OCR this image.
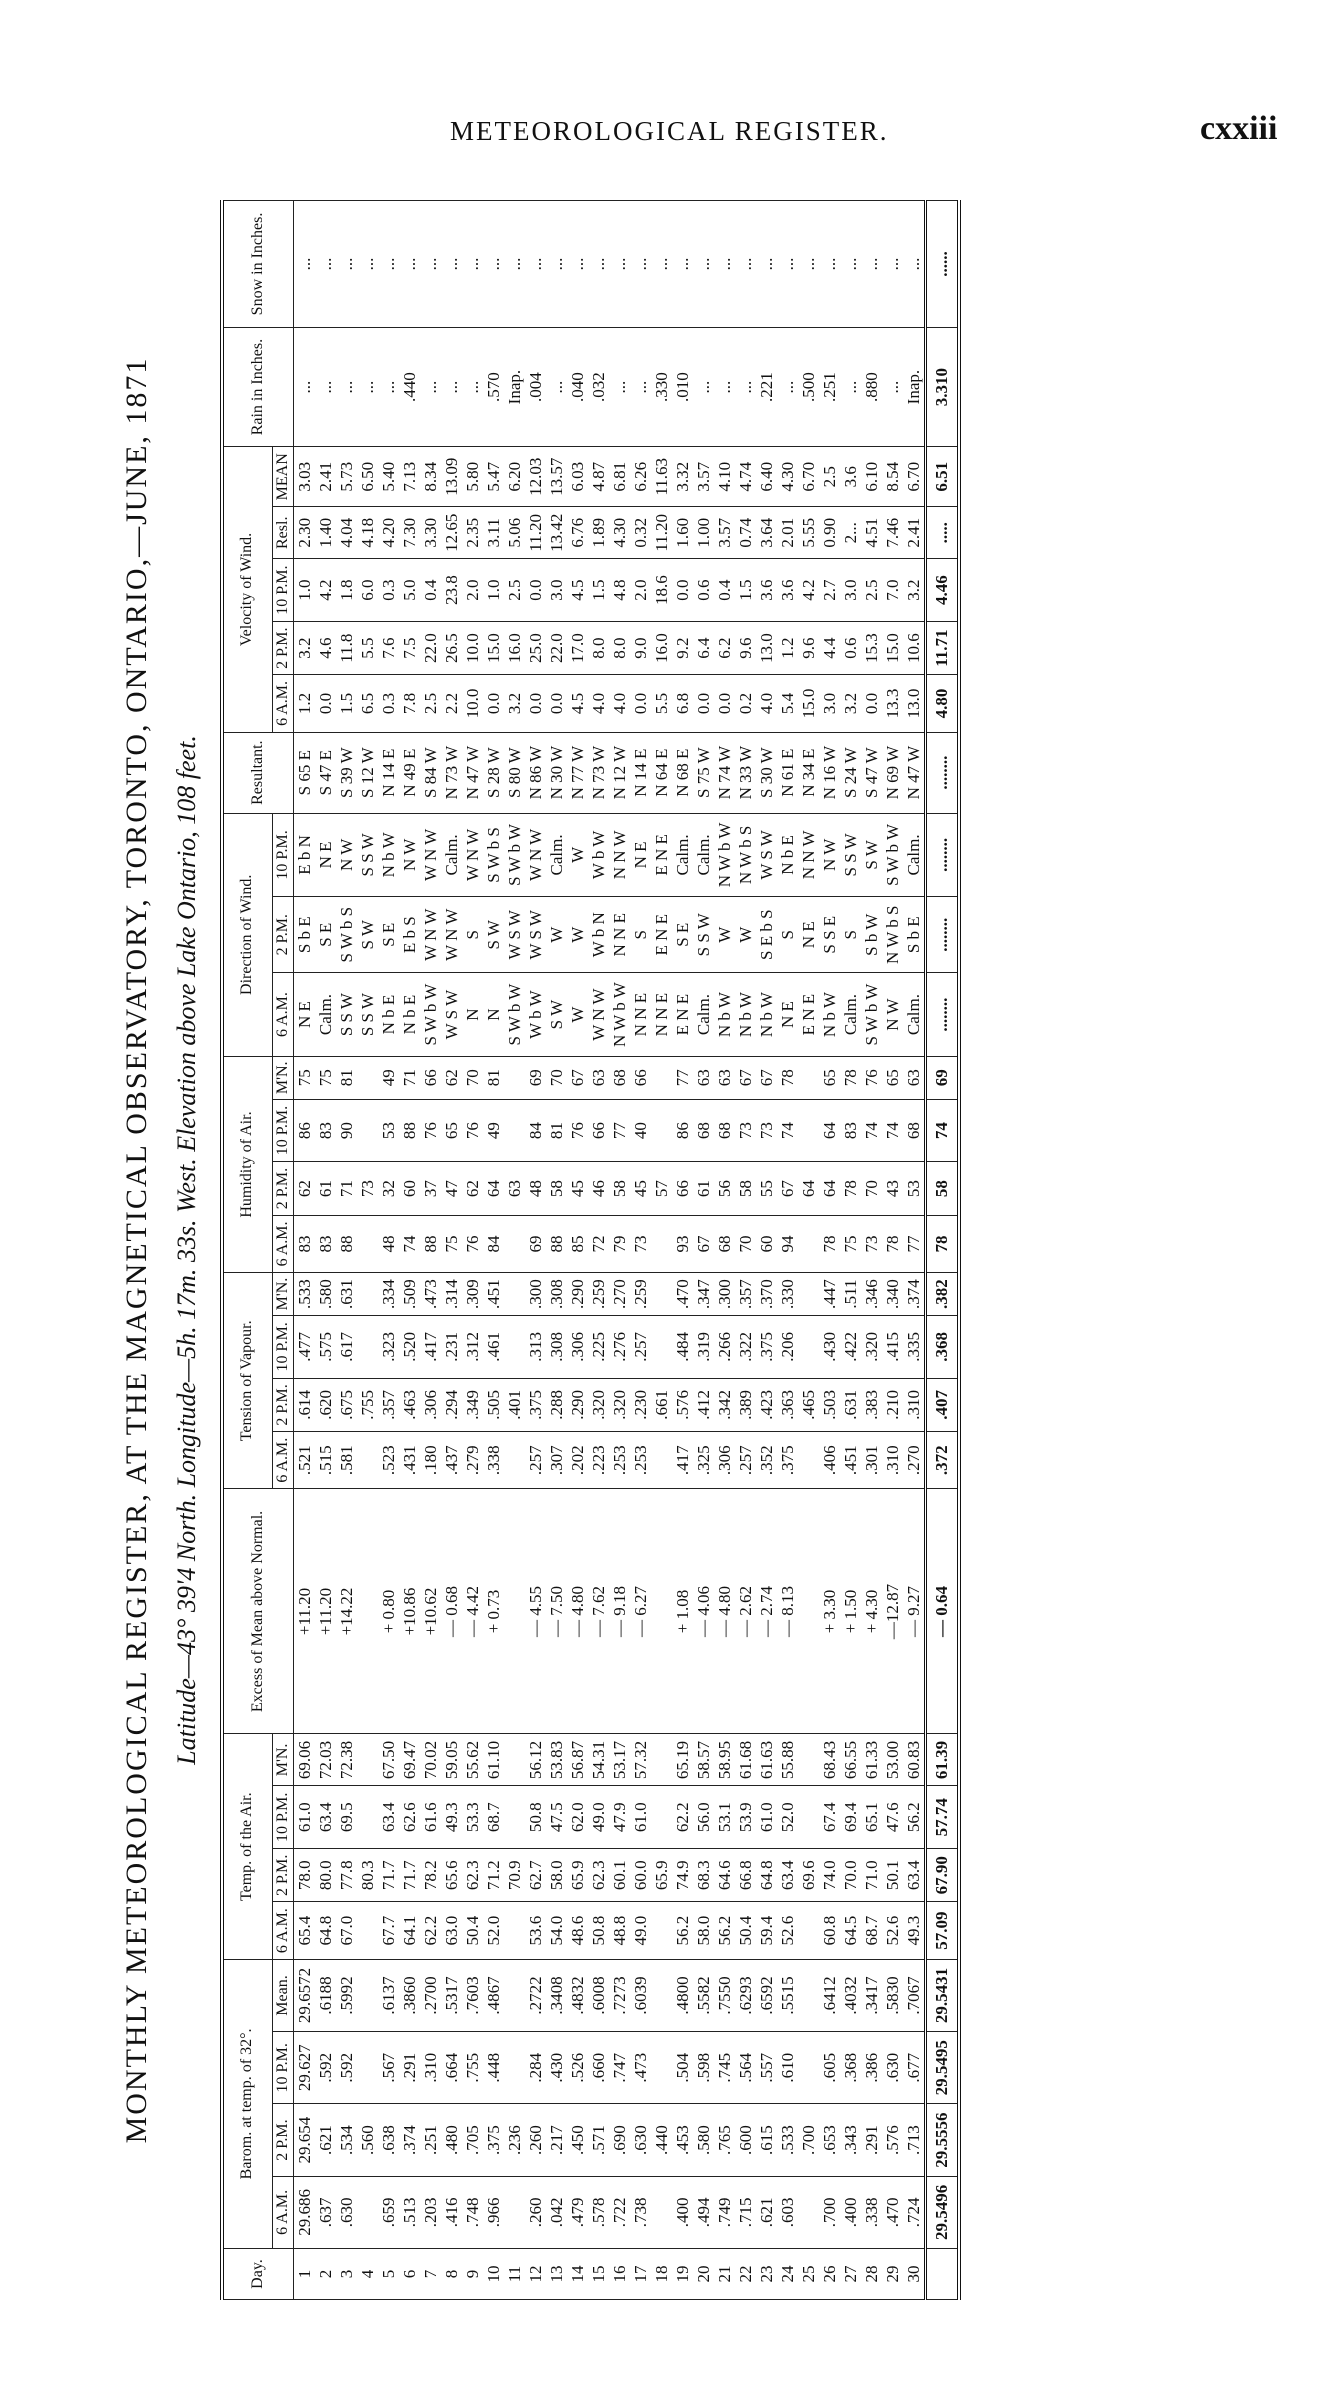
METEOROLOGICAL REGISTER.	cxxiii
MONTHLY METEOROLOGICAL REGISTER, AT THE MAGNETICAL OBSERVATORY, TORONTO, ONTARIO,—JUNE, 1871 Latitude—43° 39'4 North. Longitude—5h. 17m. 33s. West. Elevation above Lake Ontario, 108 feet.
Day.	Barom. at temp. of 32°.				Temp. of the Air.				Excess of Mean above Normal.	Tension of Vapour.				Humidity of Air.				Direction of Wind.			Resultant.	Velocity of Wind.					Rain in Inches.	Snow in Inches.
	6 A.M.	2 P.M.	10 P.M.	Mean.	6 A.M.	2 P.M.	10 P.M.	M'N.		6 A.M.	2 P.M.	10 P.M.	M'N.	6 A.M.	2 P.M.	10 P.M.	M'N.	6 A.M.	2 P.M.	10 P.M.		6 A.M.	2 P.M.	10 P.M.	Resl.	MEAN		
1	29.686	29.654	29.627	29.6572	65.4	78.0	61.0	69.06	+11.20	.521	.614	.477	.533	83	62	86	75	N E	S b E	E b N	S 65 E	1.2	3.2	1.0	2.30	3.03	...	...
2	.637	.621	.592	.6188	64.8	80.0	63.4	72.03	+11.20	.515	.620	.575	.580	83	61	83	75	Calm.	S E	N E	S 47 E	0.0	4.6	4.2	1.40	2.41	...	...
3	.630	.534	.592	.5992	67.0	77.8	69.5	72.38	+14.22	.581	.675	.617	.631	88	71	90	81	S S W	S W b S	N W	S 39 W	1.5	11.8	1.8	4.04	5.73	...	...
4		.560				80.3					.755				73			S S W	S W	S S W	S 12 W	6.5	5.5	6.0	4.18	6.50	...	...
5	.659	.638	.567	.6137	67.7	71.7	63.4	67.50	+ 0.80	.523	.357	.323	.334	48	32	53	49	N b E	S E	N b W	N 14 E	0.3	7.6	0.3	4.20	5.40	...	...
6	.513	.374	.291	.3860	64.1	71.7	62.6	69.47	+10.86	.431	.463	.520	.509	74	60	88	71	N b E	E b S	N W	N 49 E	7.8	7.5	5.0	7.30	7.13	.440	...
7	.203	.251	.310	.2700	62.2	78.2	61.6	70.02	+10.62	.180	.306	.417	.473	88	37	76	66	S W b W	W N W	W N W	S 84 W	2.5	22.0	0.4	3.30	8.34	...	...
8	.416	.480	.664	.5317	63.0	65.6	49.3	59.05	— 0.68	.437	.294	.231	.314	75	47	65	62	W S W	W N W	Calm.	N 73 W	2.2	26.5	23.8	12.65	13.09	...	...
9	.748	.705	.755	.7603	50.4	62.3	53.3	55.62	— 4.42	.279	.349	.312	.309	76	62	76	70	N	S	W N W	N 47 W	10.0	10.0	2.0	2.35	5.80	...	...
10	.966	.375	.448	.4867	52.0	71.2	68.7	61.10	+ 0.73	.338	.505	.461	.451	84	64	49	81	N	S W	S W b S	S 28 W	0.0	15.0	1.0	3.11	5.47	.570	...
11		.236				70.9					.401				63			S W b W	W S W	S W b W	S 80 W	3.2	16.0	2.5	5.06	6.20	Inap.	...
12	.260	.260	.284	.2722	53.6	62.7	50.8	56.12	— 4.55	.257	.375	.313	.300	69	48	84	69	W b W	W S W	W N W	N 86 W	0.0	25.0	0.0	11.20	12.03	.004	...
13	.042	.217	.430	.3408	54.0	58.0	47.5	53.83	— 7.50	.307	.288	.308	.308	88	58	81	70	S W	W	Calm.	N 30 W	0.0	22.0	3.0	13.42	13.57	...	...
14	.479	.450	.526	.4832	48.6	65.9	62.0	56.87	— 4.80	.202	.290	.306	.290	85	45	76	67	W	W	W	N 77 W	4.5	17.0	4.5	6.76	6.03	.040	...
15	.578	.571	.660	.6008	50.8	62.3	49.0	54.31	— 7.62	.223	.320	.225	.259	72	46	66	63	W N W	W b N	W b W	N 73 W	4.0	8.0	1.5	1.89	4.87	.032	...
16	.722	.690	.747	.7273	48.8	60.1	47.9	53.17	— 9.18	.253	.320	.276	.270	79	58	77	68	N W b W	N N E	N N W	N 12 W	4.0	8.0	4.8	4.30	6.81	...	...
17	.738	.630	.473	.6039	49.0	60.0	61.0	57.32	— 6.27	.253	.230	.257	.259	73	45	40	66	N N E	S	N E	N 14 E	0.0	9.0	2.0	0.32	6.26	...	...
18		.440				65.9					.661				57			N N E	E N E	E N E	N 64 E	5.5	16.0	18.6	11.20	11.63	.330	...
19	.400	.453	.504	.4800	56.2	74.9	62.2	65.19	+ 1.08	.417	.576	.484	.470	93	66	86	77	E N E	S E	Calm.	N 68 E	6.8	9.2	0.0	1.60	3.32	.010	...
20	.494	.580	.598	.5582	58.0	68.3	56.0	58.57	— 4.06	.325	.412	.319	.347	67	61	68	63	Calm.	S S W	Calm.	S 75 W	0.0	6.4	0.6	1.00	3.57	...	...
21	.749	.765	.745	.7550	56.2	64.6	53.1	58.95	— 4.80	.306	.342	.266	.300	68	56	68	63	N b W	W	N W b W	N 74 W	0.0	6.2	0.4	3.57	4.10	...	...
22	.715	.600	.564	.6293	50.4	66.8	53.9	61.68	— 2.62	.257	.389	.322	.357	70	58	73	67	N b W	W	N W b S	N 33 W	0.2	9.6	1.5	0.74	4.74	...	...
23	.621	.615	.557	.6592	59.4	64.8	61.0	61.63	— 2.74	.352	.423	.375	.370	60	55	73	67	N b W	S E b S	W S W	S 30 W	4.0	13.0	3.6	3.64	6.40	.221	...
24	.603	.533	.610	.5515	52.6	63.4	52.0	55.88	— 8.13	.375	.363	.206	.330	94	67	74	78	N E	S	N b E	N 61 E	5.4	1.2	3.6	2.01	4.30	...	...
25		.700				69.6					.465				64			E N E	N E	N N W	N 34 E	15.0	9.6	4.2	5.55	6.70	.500	...
26	.700	.653	.605	.6412	60.8	74.0	67.4	68.43	+ 3.30	.406	.503	.430	.447	78	64	64	65	N b W	S S E	N W	N 16 W	3.0	4.4	2.7	0.90	2.5	.251	...
27	.400	.343	.368	.4032	64.5	70.0	69.4	66.55	+ 1.50	.451	.631	.422	.511	75	78	83	78	Calm.	S	S S W	S 24 W	3.2	0.6	3.0	2...	3.6	...	...
28	.338	.291	.386	.3417	68.7	71.0	65.1	61.33	+ 4.30	.301	.383	.320	.346	73	70	74	76	S W b W	S b W	S W	S 47 W	0.0	15.3	2.5	4.51	6.10	.880	...
29	.470	.576	.630	.5830	52.6	50.1	47.6	53.00	—12.87	.310	.210	.415	.340	78	43	74	65	N W	N W b S	S W b W	N 69 W	13.3	15.0	7.0	7.46	8.54	...	...
30	.724	.713	.677	.7067	49.3	63.4	56.2	60.83	— 9.27	.270	.310	.335	.374	77	53	68	63	Calm.	S b E	Calm.	N 47 W	13.0	10.6	3.2	2.41	6.70	Inap.	...
	29.5496	29.5556	29.5495	29.5431	57.09	67.90	57.74	61.39	— 0.64	.372	.407	.368	.382	78	58	74	69	........	........	........	........	4.80	11.71	4.46	.....	6.51	3.310	......
